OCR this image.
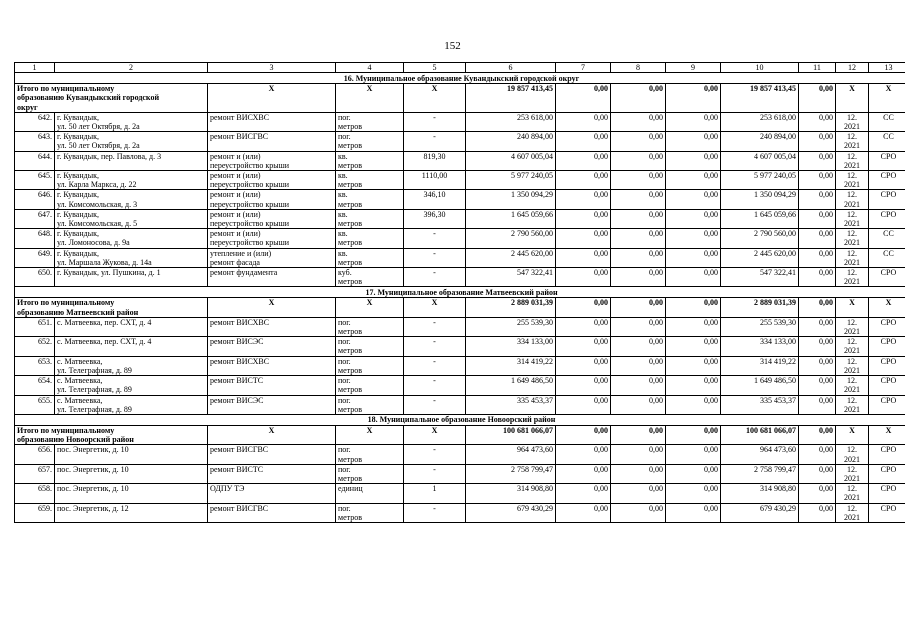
152
1	2	3	4	5	6	7	8	9	10	11	12	13
16. Муниципальное образование Кувандыкский городской округ												
Итого по муниципальному
образованию Кувандыкский городской
округ		X	X	X	19 857 413,45	0,00	0,00	0,00	19 857 413,45	0,00	X	X
642.	г. Кувандык,
ул. 50 лет Октября, д. 2а	ремонт ВИСХВС	пог.
метров	-	253 618,00	0,00	0,00	0,00	253 618,00	0,00	12.
2021	СС
643.	г. Кувандык,
ул. 50 лет Октября, д. 2а	ремонт ВИСГВС	пог.
метров	-	240 894,00	0,00	0,00	0,00	240 894,00	0,00	12.
2021	СС
644.	г. Кувандык, пер. Павлова, д. 3	ремонт и (или)
переустройство крыши	кв.
метров	819,30	4 607 005,04	0,00	0,00	0,00	4 607 005,04	0,00	12.
2021	СРО
645.	г. Кувандык,
ул. Карла Маркса, д. 22	ремонт и (или)
переустройство крыши	кв.
метров	1110,00	5 977 240,05	0,00	0,00	0,00	5 977 240,05	0,00	12.
2021	СРО
646.	г. Кувандык,
ул. Комсомольская, д. 3	ремонт и (или)
переустройство крыши	кв.
метров	346,10	1 350 094,29	0,00	0,00	0,00	1 350 094,29	0,00	12.
2021	СРО
647.	г. Кувандык,
ул. Комсомольская, д. 5	ремонт и (или)
переустройство крыши	кв.
метров	396,30	1 645 059,66	0,00	0,00	0,00	1 645 059,66	0,00	12.
2021	СРО
648.	г. Кувандык,
ул. Ломоносова, д. 9а	ремонт и (или)
переустройство крыши	кв.
метров	-	2 790 560,00	0,00	0,00	0,00	2 790 560,00	0,00	12.
2021	СС
649.	г. Кувандык,
ул. Маршала Жукова, д. 14а	утепление и (или)
ремонт фасада	кв.
метров	-	2 445 620,00	0,00	0,00	0,00	2 445 620,00	0,00	12.
2021	СС
650.	г. Кувандык, ул. Пушкина, д. 1	ремонт фундамента	куб.
метров	-	547 322,41	0,00	0,00	0,00	547 322,41	0,00	12.
2021	СРО
17. Муниципальное образование Матвеевский район												
Итого по муниципальному
образованию Матвеевский район		X	X	X	2 889 031,39	0,00	0,00	0,00	2 889 031,39	0,00	X	X
651.	с. Матвеевка, пер. СХТ, д. 4	ремонт ВИСХВС	пог.
метров	-	255 539,30	0,00	0,00	0,00	255 539,30	0,00	12.
2021	СРО
652.	с. Матвеевка, пер. СХТ, д. 4	ремонт ВИСЭС	пог.
метров	-	334 133,00	0,00	0,00	0,00	334 133,00	0,00	12.
2021	СРО
653.	с. Матвеевка,
ул. Телеграфная, д. 89	ремонт ВИСХВС	пог.
метров	-	314 419,22	0,00	0,00	0,00	314 419,22	0,00	12.
2021	СРО
654.	с. Матвеевка,
ул. Телеграфная, д. 89	ремонт ВИСТС	пог.
метров	-	1 649 486,50	0,00	0,00	0,00	1 649 486,50	0,00	12.
2021	СРО
655.	с. Матвеевка,
ул. Телеграфная, д. 89	ремонт ВИСЭС	пог.
метров	-	335 453,37	0,00	0,00	0,00	335 453,37	0,00	12.
2021	СРО
18. Муниципальное образование Новоорский район												
Итого по муниципальному
образованию Новоорский район		X	X	X	100 681 066,07	0,00	0,00	0,00	100 681 066,07	0,00	X	X
656.	пос. Энергетик, д. 10	ремонт ВИСГВС	пог.
метров	-	964 473,60	0,00	0,00	0,00	964 473,60	0,00	12.
2021	СРО
657.	пос. Энергетик, д. 10	ремонт ВИСТС	пог.
метров	-	2 758 799,47	0,00	0,00	0,00	2 758 799,47	0,00	12.
2021	СРО
658.	пос. Энергетик, д. 10	ОДПУ ТЭ	единиц	1	314 908,80	0,00	0,00	0,00	314 908,80	0,00	12.
2021	СРО
659.	пос. Энергетик, д. 12	ремонт ВИСГВС	пог.
метров	-	679 430,29	0,00	0,00	0,00	679 430,29	0,00	12.
2021	СРО
